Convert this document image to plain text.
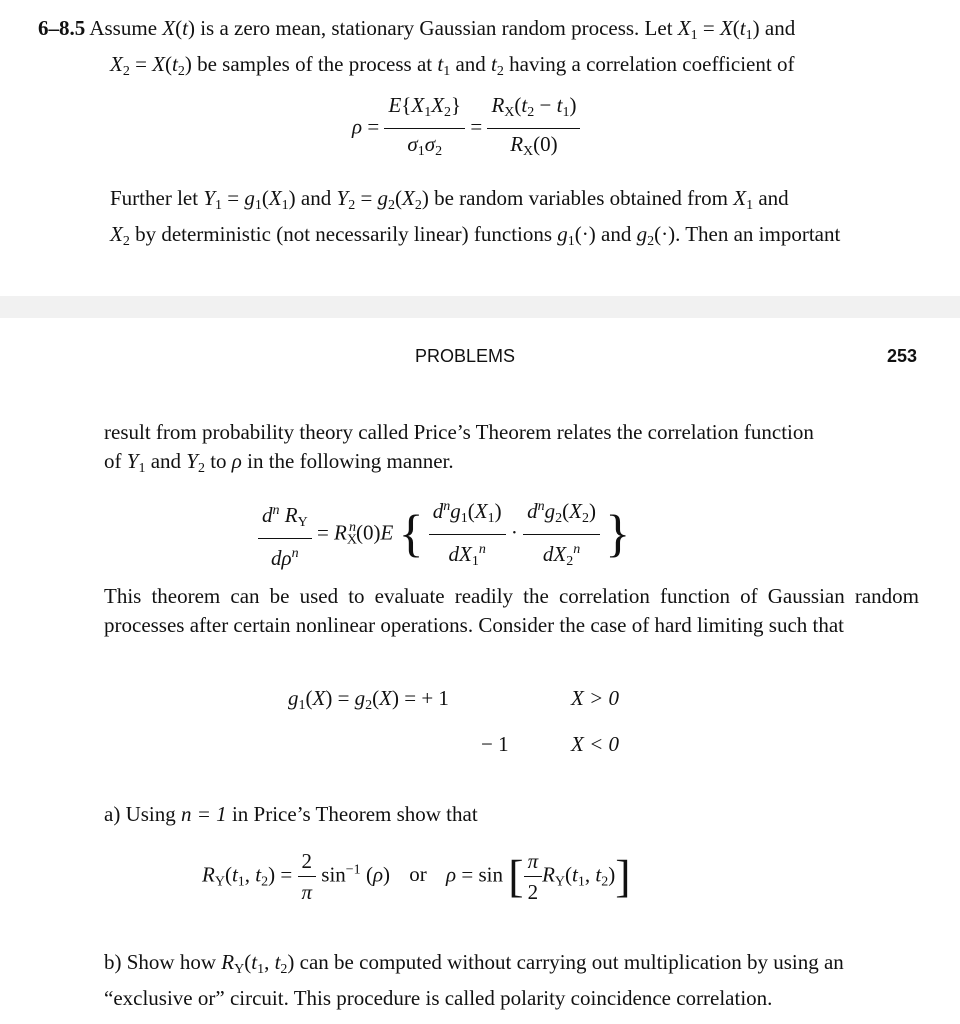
6–8.5 Assume X(t) is a zero mean, stationary Gaussian random process. Let $X_1 = X(t_1)$ and
$X_2 = X(t_2)$ be samples of the process at $t_1$ and $t_2$ having a correlation coefficient of
$\rho = \frac{E\{X_1X_2\}}{\sigma_1\sigma_2} = \frac{R_X(t_2 - t_1)}{R_X(0)}$
Further let $Y_1 = g_1(X_1)$ and $Y_2 = g_2(X_2)$ be random variables obtained from $X_1$ and
$X_2$ by deterministic (not necessarily linear) functions $g_1(\cdot)$ and $g_2(\cdot)$. Then an important
PROBLEMS	253
result from probability theory called Price’s Theorem relates the correlation function
of $Y_1$ and $Y_2$ to ρ in the following manner.
$\frac{d^n R_Y}{d\rho^n} = R_X^n(0)E$ { $\frac{d^ng_1(X_1)}{dX_1^n} \cdot \frac{d^ng_2(X_2)}{dX_2^n}$ }
This theorem can be used to evaluate readily the correlation function of Gaussian random processes after certain nonlinear operations. Consider the case of hard limiting such that
$g_1(X) = g_2(X)$ = + 1	X > 0
− 1	X < 0
a) Using n = 1 in Price’s Theorem show that
$R_Y(t_1$, $t_2) = \frac{2}{\pi} \sin^{-1} (\rho)$ or ρ = sin [ $\frac{\pi}{2} R_Y(t_1$, $t_2$)]
b) Show how $R_Y(t_1$, $t_2$) can be computed without carrying out multiplication by using an “exclusive or” circuit. This procedure is called polarity coincidence correlation.
